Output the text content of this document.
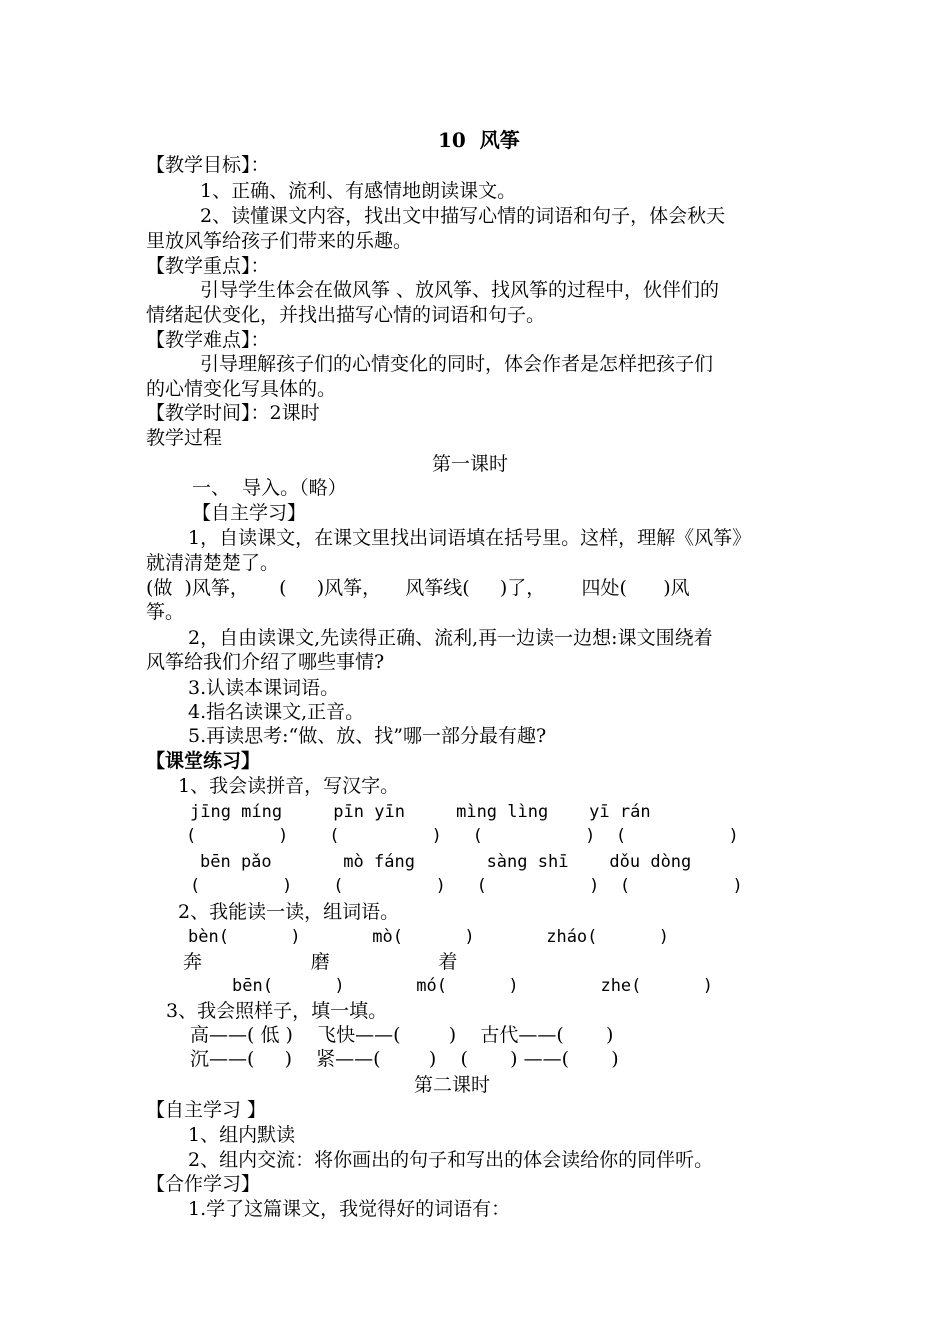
10  风筝
【教学目标】：
1、正确、流利、有感情地朗读课文。
2、读懂课文内容，找出文中描写心情的词语和句子，体会秋天
里放风筝给孩子们带来的乐趣。
【教学重点】：
引导学生体会在做风筝 、放风筝、找风筝的过程中，伙伴们的
情绪起伏变化，并找出描写心情的词语和句子。
【教学难点】：
引导理解孩子们的心情变化的同时，体会作者是怎样把孩子们
的心情变化写具体的。
【教学时间】：2课时
教学过程
第一课时
一、  导入。（略）
【自主学习】
1，自读课文，在课文里找出词语填在括号里。这样，理解《风筝》
就清清楚楚了。
(做  )风筝，     (     )风筝，    风筝线(     )了，      四处(      )风
筝。
2，自由读课文,先读得正确、流利,再一边读一边想:课文围绕着
风筝给我们介绍了哪些事情?
3.认读本课词语。
4.指名读课文,正音。
5.再读思考:“做、放、找”哪一部分最有趣?
【课堂练习】
1、我会读拼音，写汉字。
jīng míng     pīn yīn     mìng lìng    yī rán
(        )    (         )   (          )  (          )
bēn pǎo       mò fáng       sàng shī    dǒu dòng
(        )    (         )   (          )  (          )
2、我能读一读，组词语。
bèn(      )       mò(      )       zháo(      )
奔                  磨                  着
bēn(      )       mó(      )        zhe(      )
3、我会照样子，填一填。
高——( 低 )    飞快——(        )    古代——(       )
沉——(     )    紧——(        )    (       ) ——(       )
第二课时
【自主学习 】
1、组内默读
2、组内交流：将你画出的句子和写出的体会读给你的同伴听。
【合作学习】
1.学了这篇课文，我觉得好的词语有：
